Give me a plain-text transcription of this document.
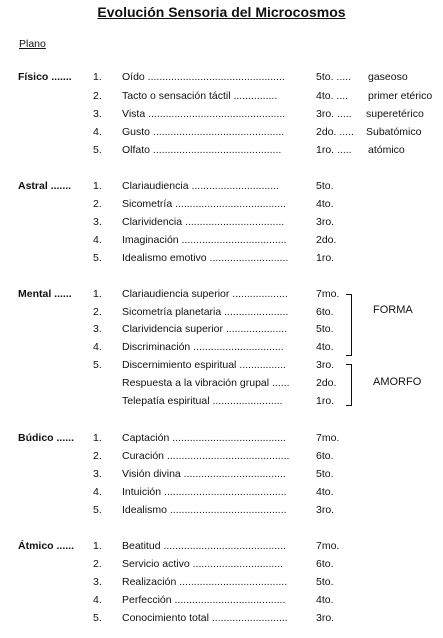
Evolución Sensoria del Microcosmos
Plano
Físico ....... 1. Oído ...............................................	5to. ..... gaseoso
2. Tacto o sensación táctil ...............	4to. .... primer etérico
3. Vista ...............................................	3ro. ..... superetérico
4. Gusto .............................................	2do. ..... Subatómico
5. Olfato ............................................	1ro. ..... atómico
Astral ....... 1. Clariaudiencia ..............................	5to.
2. Sicometría ......................................	4to.
3. Clarividencia ..................................	3ro.
4. Imaginación ....................................	2do.
5. Idealismo emotivo ...........................	1ro.
Mental ...... 1. Clariaudiencia superior ...................	7mo.
2. Sicometría planetaria ......................	6to.
3. Clarividencia superior .....................	5to.
4. Discriminación ...............................	4to.
5. Discernimiento espiritual ................	3ro.
Respuesta a la vibración grupal ......	2do.
Telepatía espiritual ........................	1ro.
FORMA
AMORFO
Búdico ...... 1. Captación .......................................	7mo.
2. Curación ..........................................	6to.
3. Visión divina ...................................	5to.
4. Intuición ..........................................	4to.
5. Idealismo ........................................	3ro.
Átmico ...... 1. Beatitud ..........................................	7mo.
2. Servicio activo ...............................	6to.
3. Realización .....................................	5to.
4. Perfección ......................................	4to.
5. Conocimiento total ..........................	3ro.
